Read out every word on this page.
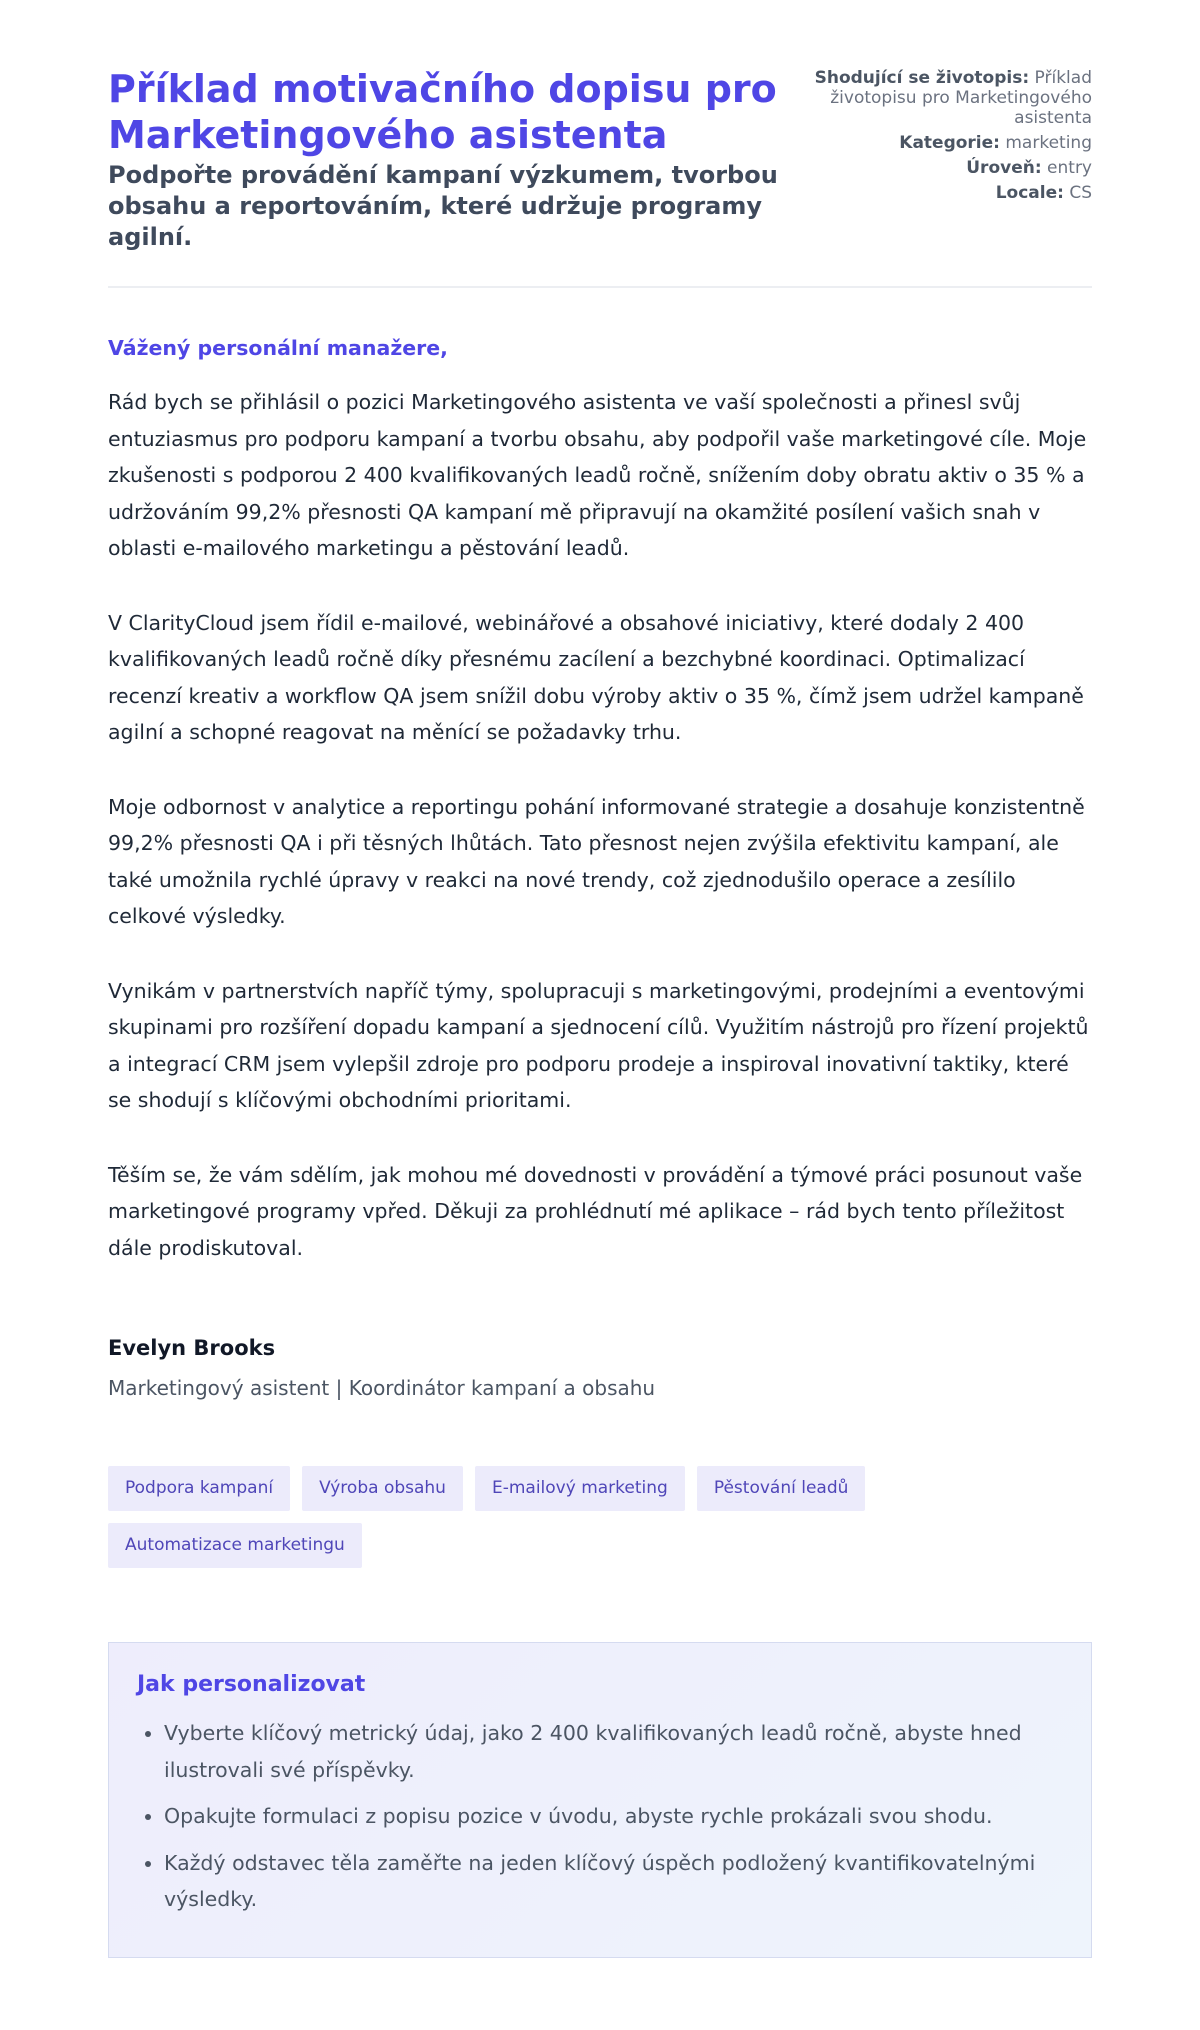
Příklad motivačního dopisu pro Marketingového asistenta
Podpořte provádění kampaní výzkumem, tvorbou obsahu a reportováním, které udržuje programy agilní.
Shodující se životopis: Příklad životopisu pro Marketingového asistenta
Kategorie: marketing
Úroveň: entry
Locale: CS

Vážený personální manažere,

Rád bych se přihlásil o pozici Marketingového asistenta ve vaší společnosti a přinesl svůj entuziasmus pro podporu kampaní a tvorbu obsahu, aby podpořil vaše marketingové cíle. Moje zkušenosti s podporou 2 400 kvalifikovaných leadů ročně, snížením doby obratu aktiv o 35 % a udržováním 99,2% přesnosti QA kampaní mě připravují na okamžité posílení vašich snah v oblasti e-mailového marketingu a pěstování leadů.

V ClarityCloud jsem řídil e-mailové, webinářové a obsahové iniciativy, které dodaly 2 400 kvalifikovaných leadů ročně díky přesnému zacílení a bezchybné koordinaci. Optimalizací recenzí kreativ a workflow QA jsem snížil dobu výroby aktiv o 35 %, čímž jsem udržel kampaně agilní a schopné reagovat na měnící se požadavky trhu.

Moje odbornost v analytice a reportingu pohání informované strategie a dosahuje konzistentně 99,2% přesnosti QA i při těsných lhůtách. Tato přesnost nejen zvýšila efektivitu kampaní, ale také umožnila rychlé úpravy v reakci na nové trendy, což zjednodušilo operace a zesílilo celkové výsledky.

Vynikám v partnerstvích napříč týmy, spolupracuji s marketingovými, prodejními a eventovými skupinami pro rozšíření dopadu kampaní a sjednocení cílů. Využitím nástrojů pro řízení projektů a integrací CRM jsem vylepšil zdroje pro podporu prodeje a inspiroval inovativní taktiky, které se shodují s klíčovými obchodními prioritami.

Těším se, že vám sdělím, jak mohou mé dovednosti v provádění a týmové práci posunout vaše marketingové programy vpřed. Děkuji za prohlédnutí mé aplikace – rád bych tento příležitost dále prodiskutoval.

Evelyn Brooks
Marketingový asistent | Koordinátor kampaní a obsahu
Podpora kampaní	Výroba obsahu	E-mailový marketing	Pěstování leadů
Automatizace marketingu
Jak personalizovat
• Vyberte klíčový metrický údaj, jako 2 400 kvalifikovaných leadů ročně, abyste hned ilustrovali své příspěvky.
• Opakujte formulaci z popisu pozice v úvodu, abyste rychle prokázali svou shodu.
• Každý odstavec těla zaměřte na jeden klíčový úspěch podložený kvantifikovatelnými výsledky.
